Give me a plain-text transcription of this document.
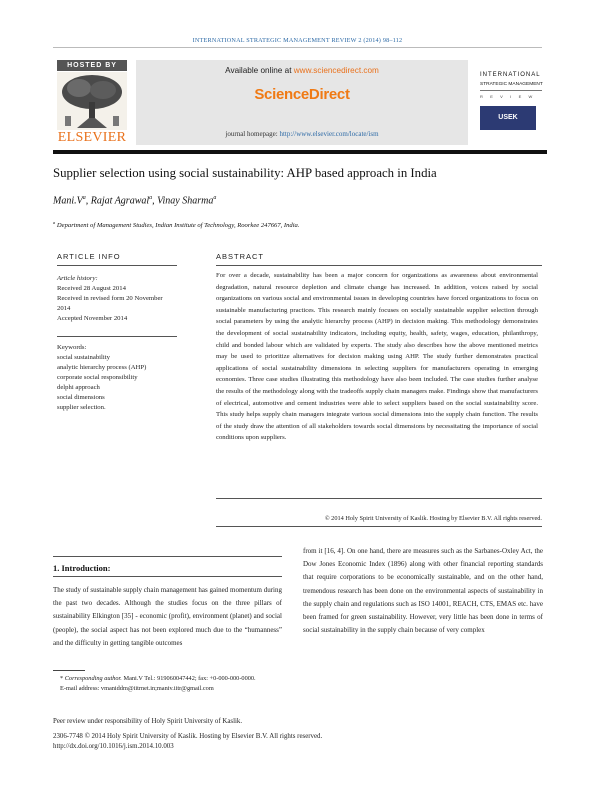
INTERNATIONAL STRATEGIC MANAGEMENT REVIEW 2 (2014) 98–112
HOSTED BY
ELSEVIER
Available online at www.sciencedirect.com
ScienceDirect
journal homepage: http://www.elsevier.com/locate/ism
INTERNATIONAL
STRATEGIC MANAGEMENT
R E V I E W
USEK
Supplier selection using social sustainability: AHP based approach in India
$Mani.V^a$, Rajat Agrawal$^a$, Vinay Sharma$^a$
$^a$ Department of Management Studies, Indian Institute of Technology, Roorkee 247667, India.
ARTICLE INFO
Article history:
Received 28 August 2014
Received in revised form 20 November
2014
Accepted November 2014
Keywords:
social sustainability
analytic hierarchy process (AHP)
corporate social responsibility
delphi approach
social dimensions
supplier selection.
ABSTRACT
For over a decade, sustainability has been a major concern for organizations as awareness about environmental degradation, natural resource depletion and climate change has increased. In addition, voices raised by social organizations on various social and environmental issues in developing countries have forced organizations to focus on sustainable manufacturing practices. This research mainly focuses on socially sustainable supplier selection through social parameters by using the analytic hierarchy process (AHP) in decision making. This methodology demonstrates the development of social sustainability indicators, including equity, health, safety, wages, education, philanthropy, child and bonded labour which are validated by experts. The study also describes how the above mentioned metrics may be used to prioritize alternatives for decision making using AHP. The study further demonstrates practical applications of social sustainability dimensions in selecting suppliers for manufacturers operating in emerging economies. Three case studies illustrating this methodology have also been included. The case studies further analyse the results of the methodology along with the tradeoffs supply chain managers make. Findings show that manufacturers of electrical, automotive and cement industries were able to select suppliers based on the social sustainability score. This study helps supply chain managers integrate various social dimensions into the supply chain function. The results of the study draw the attention of all stakeholders towards social dimensions by necessitating the importance of social conditions upon suppliers.
© 2014 Holy Spirit University of Kaslik. Hosting by Elsevier B.V. All rights reserved.
1. Introduction:
The study of sustainable supply chain management has gained momentum during the past two decades. Although the studies focus on the three pillars of sustainability Elkington [35] - economic (profit), environment (planet) and social (people), the social aspect has not been explored much due to the “humanness” and the difficulty in getting tangible outcomes
from it [16, 4]. On one hand, there are measures such as the Sarbanes-Oxley Act, the Dow Jones Economic Index (1896) along with other financial reporting standards that require corporations to be economically sustainable, and on the other hand, tremendous research has been done on the environmental aspects of sustainability in the supply chain and regulations such as ISO 14001, REACH, CTS, EMAS etc. have been framed for green sustainability. However, very little has been done in terms of social sustainability in the supply chain because of very complex
* Corresponding author. Mani.V Tel.: 919060047442; fax: +0-000-000-0000.
E-mail address: vmaniddm@iitrnet.in;maniv.iitr@gmail.com
Peer review under responsibility of Holy Spirit University of Kaslik.
2306-7748 © 2014 Holy Spirit University of Kaslik. Hosting by Elsevier B.V. All rights reserved.
http://dx.doi.org/10.1016/j.ism.2014.10.003
